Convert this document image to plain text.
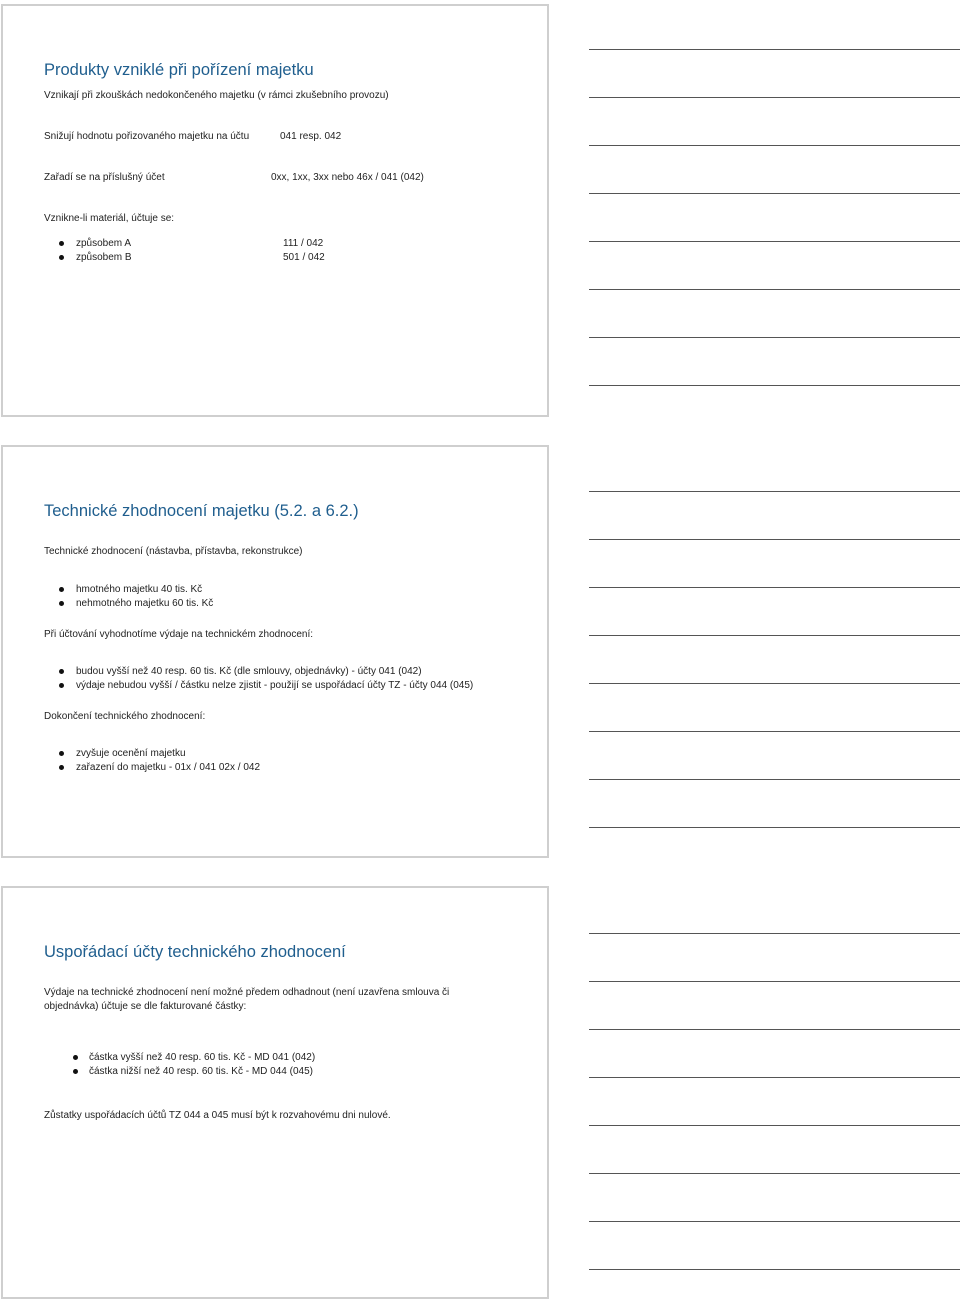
Produkty vzniklé při pořízení majetku

Vznikají při zkouškách nedokončeného majetku (v rámci zkušebního provozu)

Snižují hodnotu pořizovaného majetku na účtu	041 resp. 042
Zařadí se na příslušný účet	0xx, 1xx, 3xx nebo 46x / 041 (042)

Vznikne-li materiál, účtuje se:

způsobem A	111 / 042
způsobem B	501 / 042
Technické zhodnocení majetku (5.2. a 6.2.)

Technické zhodnocení (nástavba, přístavba, rekonstrukce)

hmotného majetku 40 tis. Kč

nehmotného majetku 60 tis. Kč

Při účtování vyhodnotíme výdaje na technickém zhodnocení:

budou vyšší než 40 resp. 60 tis. Kč (dle smlouvy, objednávky) - účty 041 (042)

výdaje nebudou vyšší / částku nelze zjistit - použijí se uspořádací účty TZ - účty 044 (045)

Dokončení technického zhodnocení:

zvyšuje ocenění majetku

zařazení do majetku - 01x / 041 02x / 042

Uspořádací účty technického zhodnocení

Výdaje na technické zhodnocení není možné předem odhadnout (není uzavřena smlouva či

objednávka) účtuje se dle fakturované částky:

částka vyšší než 40 resp. 60 tis. Kč - MD 041 (042)

částka nižší než 40 resp. 60 tis. Kč - MD 044 (045)

Zůstatky uspořádacích účtů TZ 044 a 045 musí být k rozvahovému dni nulové.
